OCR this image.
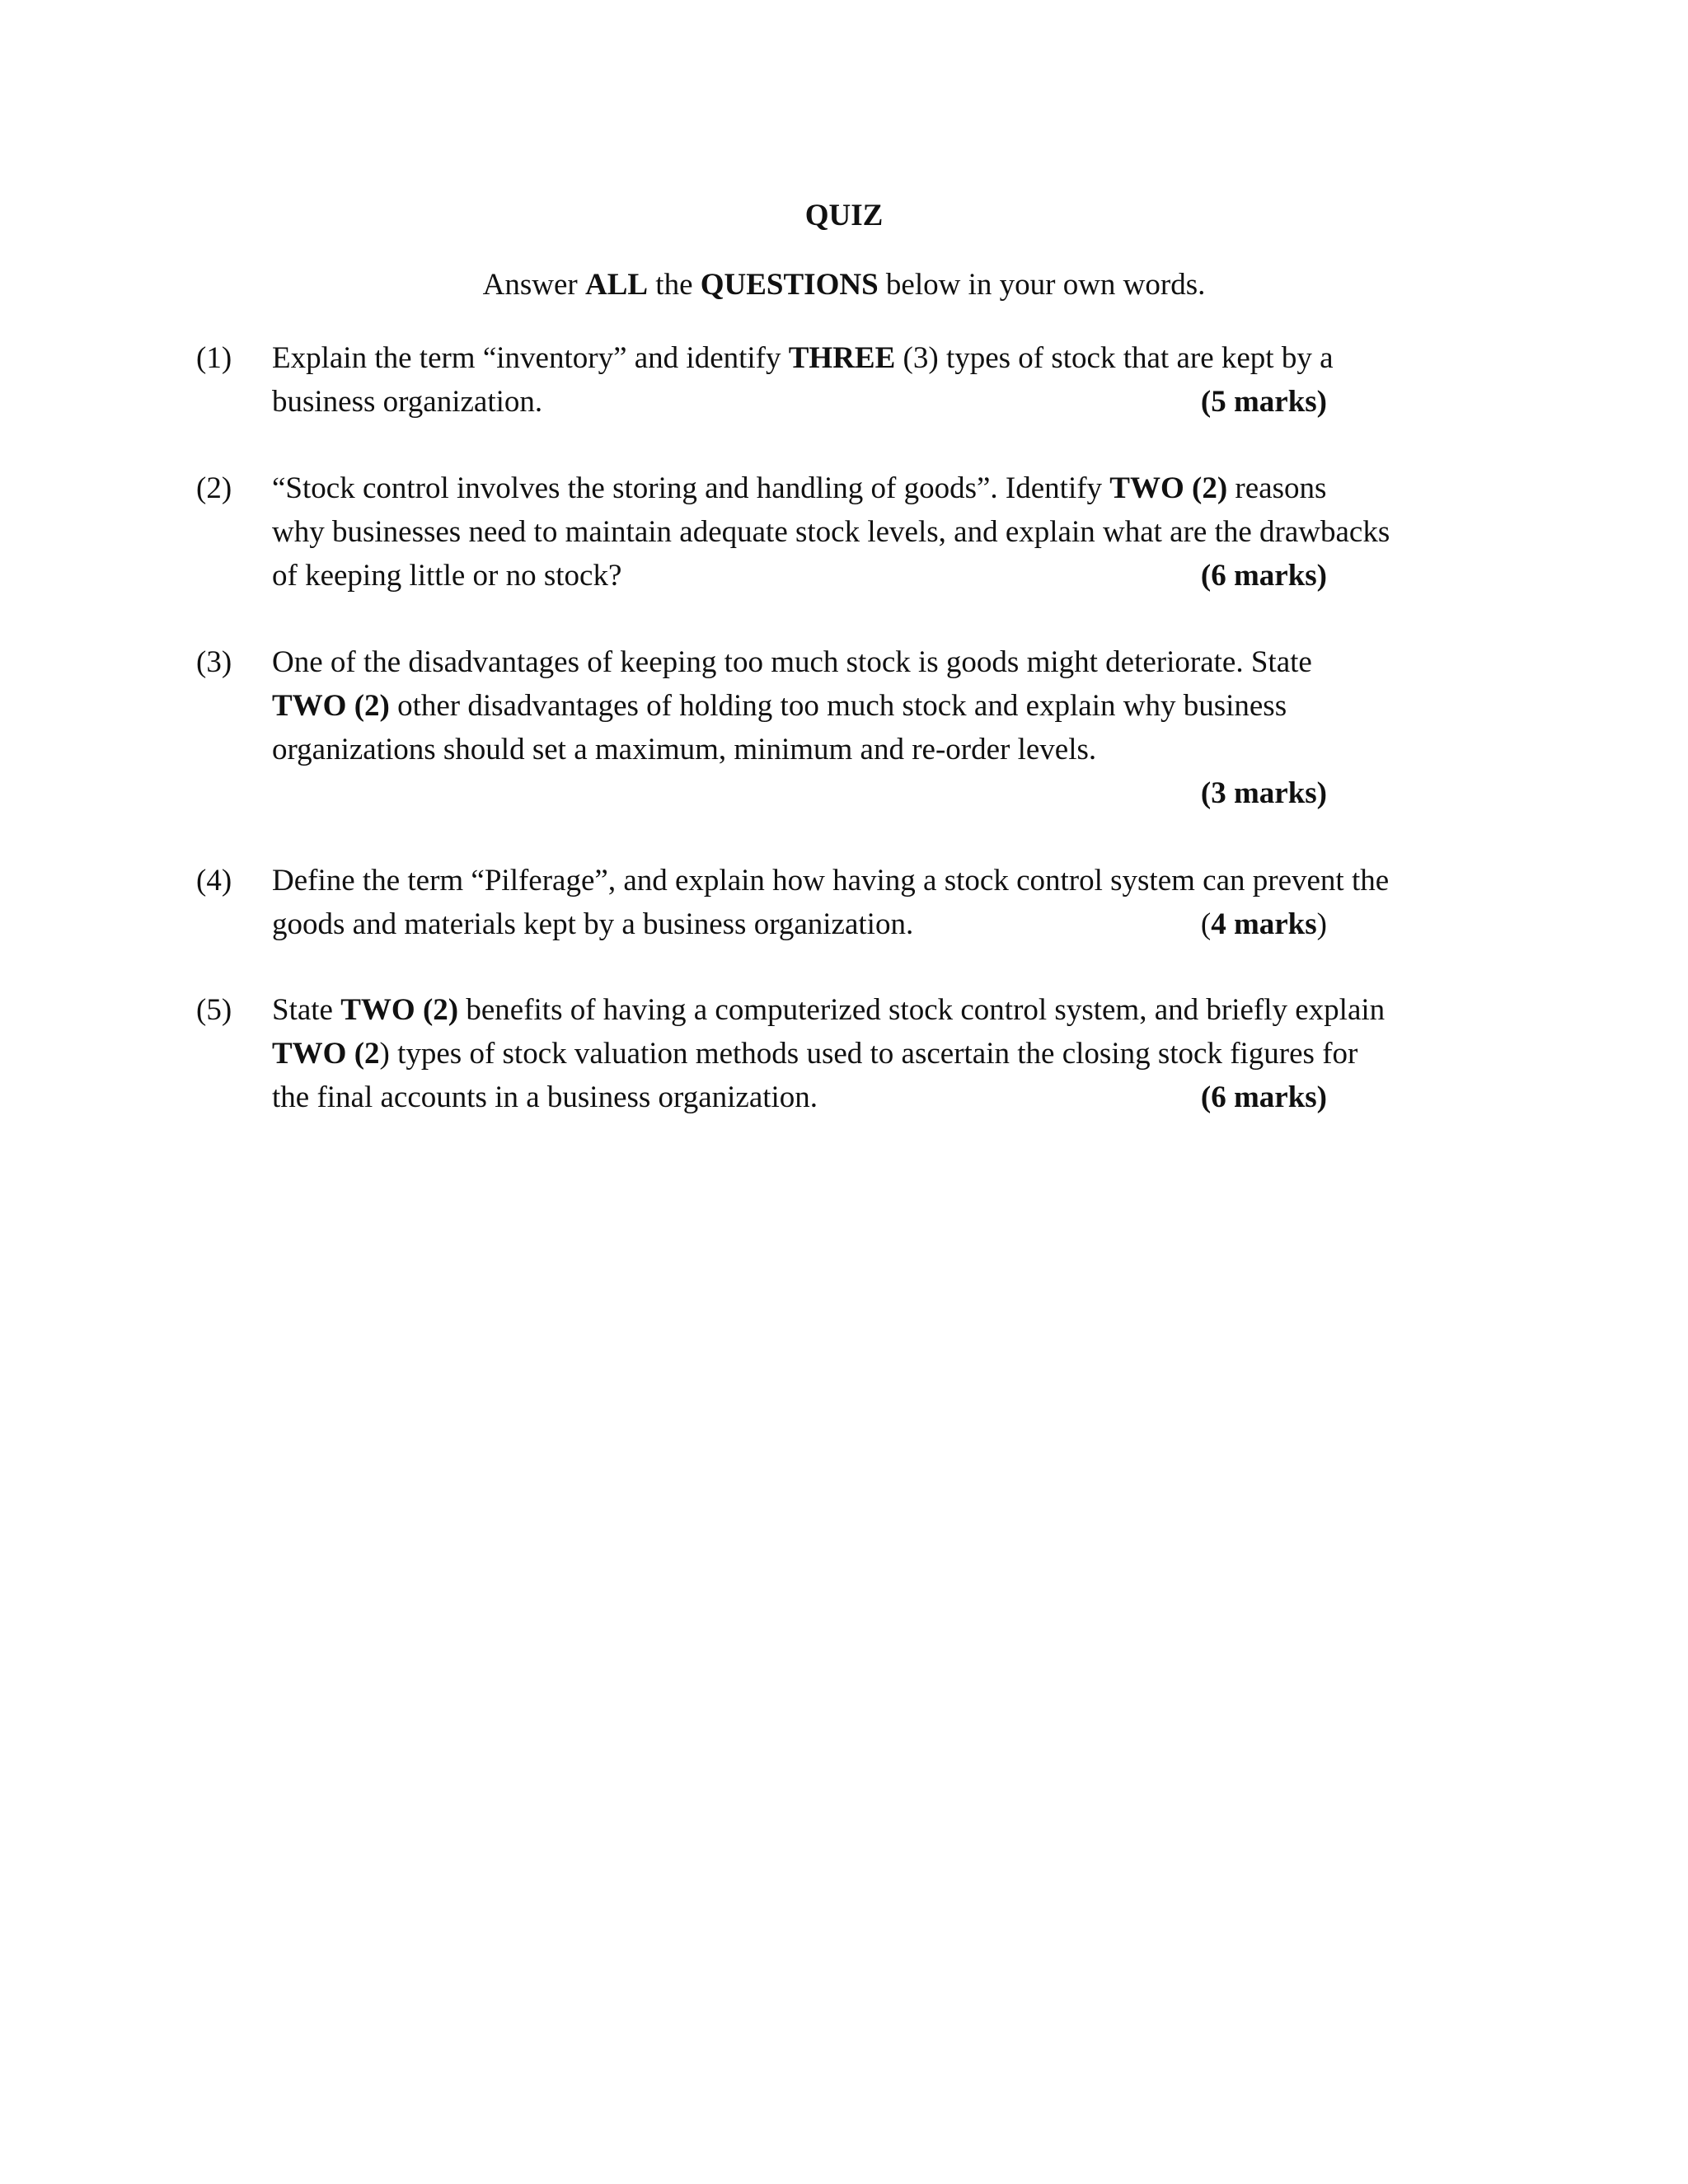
QUIZ
Answer ALL the QUESTIONS below in your own words.
(1)	Explain the term “inventory” and identify THREE (3) types of stock that are kept by a
business organization.	(5 marks)
(2)	“Stock control involves the storing and handling of goods”. Identify TWO (2) reasons
why businesses need to maintain adequate stock levels, and explain what are the drawbacks
of keeping little or no stock?	(6 marks)
(3)	One of the disadvantages of keeping too much stock is goods might deteriorate. State
TWO (2) other disadvantages of holding too much stock and explain why business
organizations should set a maximum, minimum and re-order levels.
(3 marks)
(4)	Define the term “Pilferage”, and explain how having a stock control system can prevent the
goods and materials kept by a business organization.	(4 marks)
(5)	State TWO (2) benefits of having a computerized stock control system, and briefly explain
TWO (2) types of stock valuation methods used to ascertain the closing stock figures for
the final accounts in a business organization.	(6 marks)
